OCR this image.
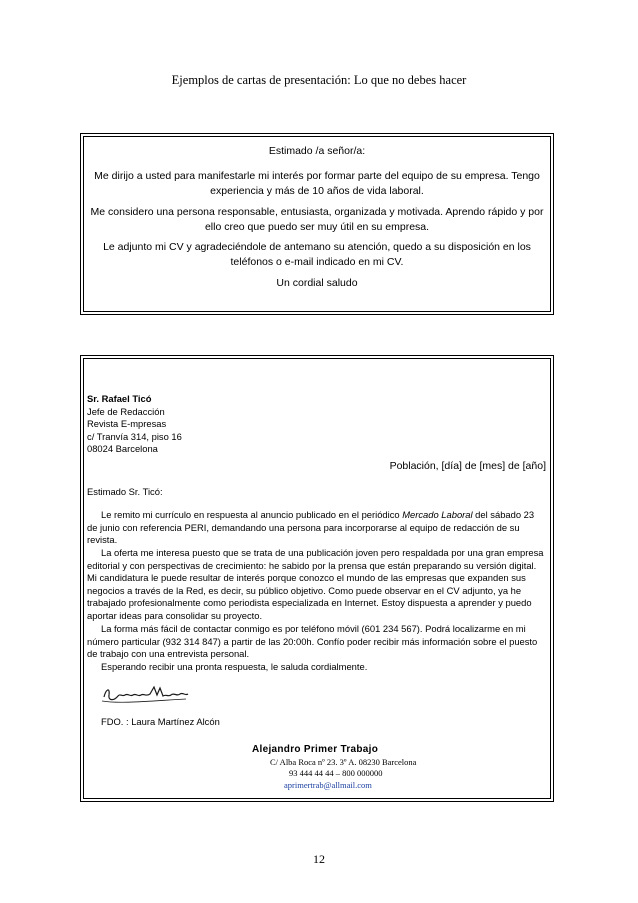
Ejemplos de cartas de presentación: Lo que no debes hacer

Estimado /a señor/a:

Me dirijo a usted para manifestarle mi interés por formar parte del equipo de su empresa. Tengo experiencia y más de 10 años de vida laboral.

Me considero una persona responsable, entusiasta, organizada y motivada. Aprendo rápido y por ello creo que puedo ser muy útil en su empresa.

Le adjunto mi CV y agradeciéndole de antemano su atención, quedo a su disposición en los teléfonos o e-mail indicado en mi CV.

Un cordial saludo

Sr. Rafael Ticó
Jefe de Redacción
Revista E-mpresas
c/ Tranvía 314, piso 16
08024 Barcelona
Población, [día] de [mes] de [año]
Estimado Sr. Ticó:
Le remito mi currículo en respuesta al anuncio publicado en el periódico Mercado Laboral del sábado 23 de junio con referencia PERI, demandando una persona para incorporarse al equipo de redacción de su revista.
La oferta me interesa puesto que se trata de una publicación joven pero respaldada por una gran empresa editorial y con perspectivas de crecimiento: he sabido por la prensa que están preparando su versión digital. Mi candidatura le puede resultar de interés porque conozco el mundo de las empresas que expanden sus negocios a través de la Red, es decir, su público objetivo. Como puede observar en el CV adjunto, ya he trabajado profesionalmente como periodista especializada en Internet. Estoy dispuesta a aprender y puedo aportar ideas para consolidar su proyecto.
La forma más fácil de contactar conmigo es por teléfono móvil (601 234 567). Podrá localizarme en mi número particular (932 314 847) a partir de las 20:00h. Confío poder recibir más información sobre el puesto de trabajo con una entrevista personal.
Esperando recibir una pronta respuesta, le saluda cordialmente.
FDO. : Laura Martínez Alcón
Alejandro Primer Trabajo
C/ Alba Roca nº 23. 3º A. 08230 Barcelona
93 444 44 44 – 800 000000
aprimertrab@allmail.com
12
